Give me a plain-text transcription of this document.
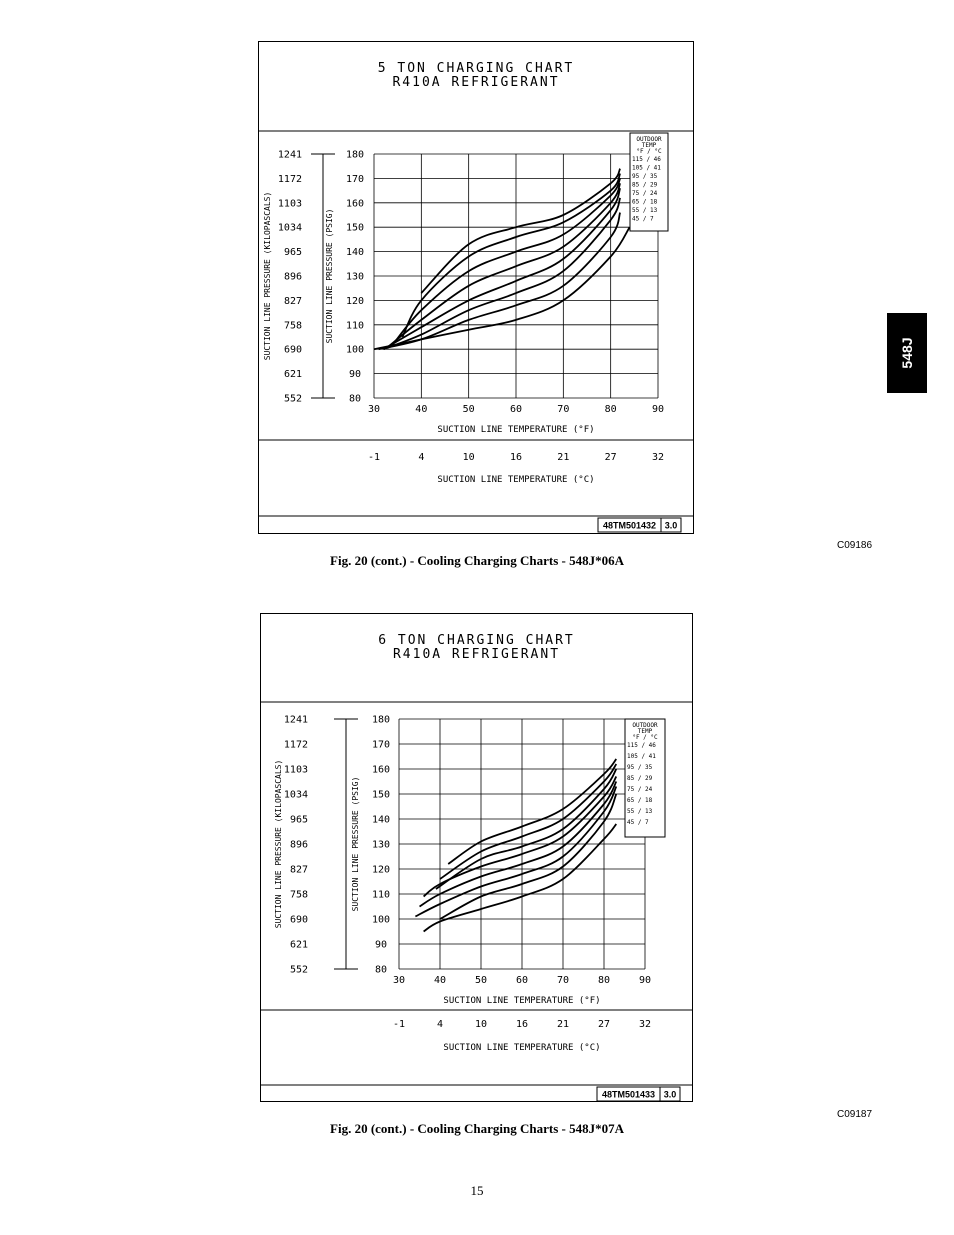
5 TON CHARGING CHART
R410A REFRIGERANT
30	40	50	60	70	80	90
80
552
90
621
100
690
110
758
120
827
130
896
140
965
150
1034
160
1103
170
1172
180
1241
SUCTION LINE PRESSURE (KILOPASCALS)	SUCTION LINE PRESSURE (PSIG)
SUCTION LINE TEMPERATURE (°F)
-1	4	10	16	21	27	32
SUCTION LINE TEMPERATURE (°C)
OUTDOOR
TEMP
°F / °C
115 / 46
105 / 41
95 / 35
85 / 29
75 / 24
65 / 18
55 / 13
45 / 7
48TM501432 3.0
C09186
Fig. 20 (cont.) - Cooling Charging Charts - 548J*06A
6 TON CHARGING CHART
R410A REFRIGERANT
30	40	50	60	70	80	90
80
552
90
621
100
690
110
758
120
827
130
896
140
965
150
1034
160
1103
170
1172
180
1241
SUCTION LINE PRESSURE (KILOPASCALS)	SUCTION LINE PRESSURE (PSIG)
SUCTION LINE TEMPERATURE (°F)
-1	4	10	16	21	27	32
SUCTION LINE TEMPERATURE (°C)
OUTDOOR
TEMP
°F / °C
115 / 46
105 / 41
95 / 35
85 / 29
75 / 24
65 / 18
55 / 13
45 / 7
48TM501433 3.0
C09187
Fig. 20 (cont.) - Cooling Charging Charts - 548J*07A
548J
15
